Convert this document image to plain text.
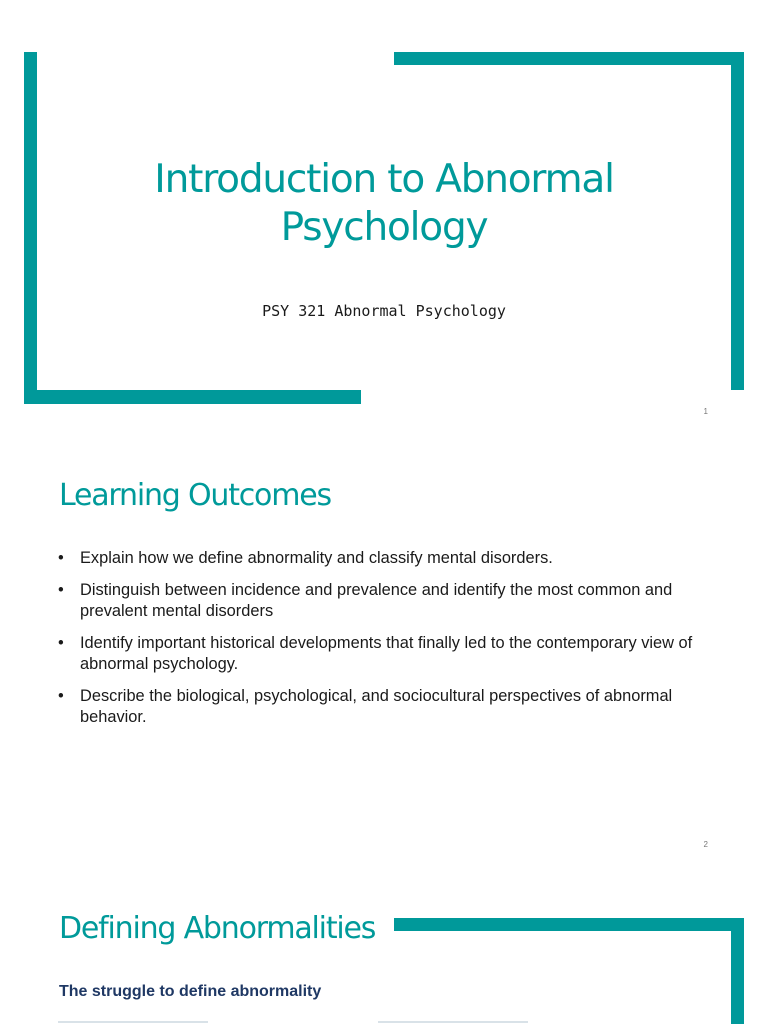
Introduction to Abnormal Psychology
PSY 321 Abnormal Psychology
1
Learning Outcomes
• Explain how we define abnormality and classify mental disorders.
• Distinguish between incidence and prevalence and identify the most common and prevalent mental disorders
• Identify important historical developments that finally led to the contemporary view of abnormal psychology.
• Describe the biological, psychological, and sociocultural perspectives of abnormal behavior.
2
Defining Abnormalities
The struggle to define abnormality
